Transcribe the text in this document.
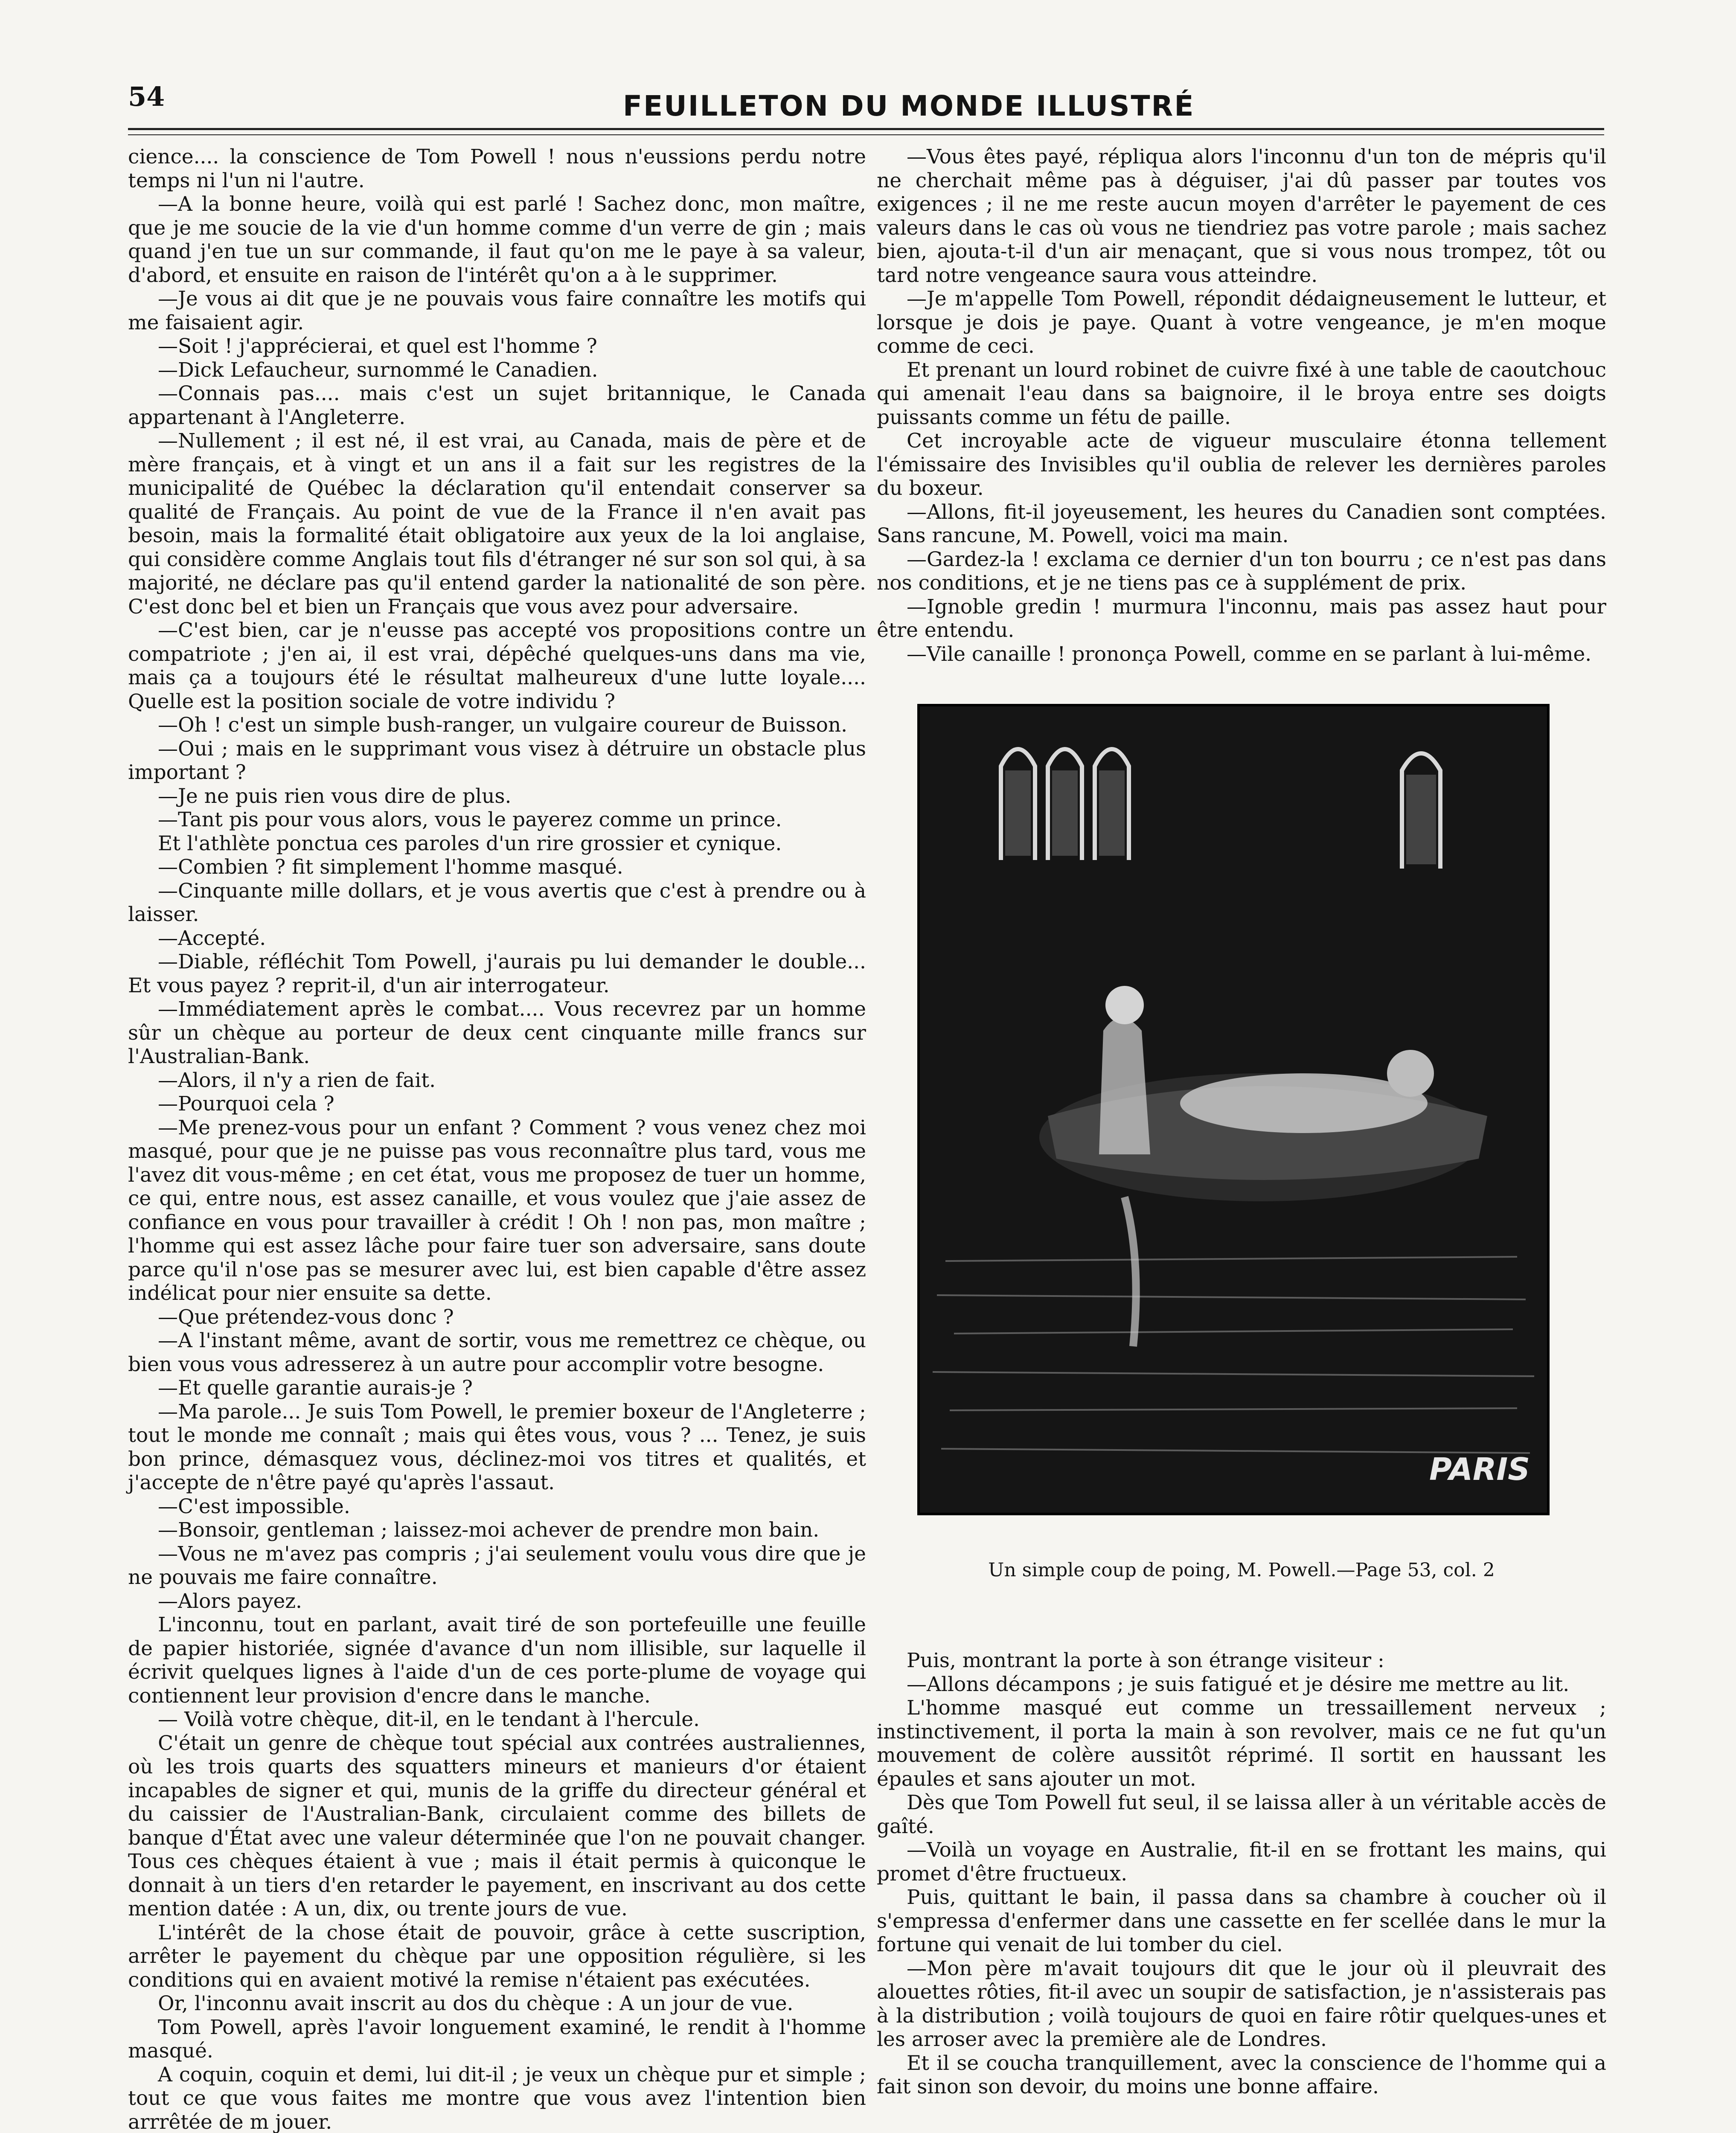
54	FEUILLETON DU MONDE ILLUSTRÉ

cience.... la conscience de Tom Powell ! nous n'eussions perdu notre temps ni l'un ni l'autre.

—A la bonne heure, voilà qui est parlé ! Sachez donc, mon maître, que je me soucie de la vie d'un homme comme d'un verre de gin ; mais quand j'en tue un sur commande, il faut qu'on me le paye à sa valeur, d'abord, et ensuite en raison de l'intérêt qu'on a à le supprimer.

—Je vous ai dit que je ne pouvais vous faire connaître les motifs qui me faisaient agir.

—Soit ! j'apprécierai, et quel est l'homme ?

—Dick Lefaucheur, surnommé le Canadien.

—Connais pas.... mais c'est un sujet britannique, le Canada appartenant à l'Angleterre.

—Nullement ; il est né, il est vrai, au Canada, mais de père et de mère français, et à vingt et un ans il a fait sur les registres de la municipalité de Québec la déclaration qu'il entendait conserver sa qualité de Français. Au point de vue de la France il n'en avait pas besoin, mais la formalité était obligatoire aux yeux de la loi anglaise, qui considère comme Anglais tout fils d'étranger né sur son sol qui, à sa majorité, ne déclare pas qu'il entend garder la nationalité de son père. C'est donc bel et bien un Français que vous avez pour adversaire.

—C'est bien, car je n'eusse pas accepté vos propositions contre un compatriote ; j'en ai, il est vrai, dépêché quelques-uns dans ma vie, mais ça a toujours été le résultat malheureux d'une lutte loyale.... Quelle est la position sociale de votre individu ?

—Oh ! c'est un simple bush-ranger, un vulgaire coureur de Buisson.

—Oui ; mais en le supprimant vous visez à détruire un obstacle plus important ?

—Je ne puis rien vous dire de plus.

—Tant pis pour vous alors, vous le payerez comme un prince.

Et l'athlète ponctua ces paroles d'un rire grossier et cynique.

—Combien ? fit simplement l'homme masqué.

—Cinquante mille dollars, et je vous avertis que c'est à prendre ou à laisser.

—Accepté.

—Diable, réfléchit Tom Powell, j'aurais pu lui demander le double... Et vous payez ? reprit-il, d'un air interrogateur.

—Immédiatement après le combat.... Vous recevrez par un homme sûr un chèque au porteur de deux cent cinquante mille francs sur l'Australian-Bank.

—Alors, il n'y a rien de fait.

—Pourquoi cela ?

—Me prenez-vous pour un enfant ? Comment ? vous venez chez moi masqué, pour que je ne puisse pas vous reconnaître plus tard, vous me l'avez dit vous-même ; en cet état, vous me proposez de tuer un homme, ce qui, entre nous, est assez canaille, et vous voulez que j'aie assez de confiance en vous pour travailler à crédit ! Oh ! non pas, mon maître ; l'homme qui est assez lâche pour faire tuer son adversaire, sans doute parce qu'il n'ose pas se mesurer avec lui, est bien capable d'être assez indélicat pour nier ensuite sa dette.

—Que prétendez-vous donc ?

—A l'instant même, avant de sortir, vous me remettrez ce chèque, ou bien vous vous adresserez à un autre pour accomplir votre besogne.

—Et quelle garantie aurais-je ?

—Ma parole... Je suis Tom Powell, le premier boxeur de l'Angleterre ; tout le monde me connaît ; mais qui êtes vous, vous ? ... Tenez, je suis bon prince, démasquez vous, déclinez-moi vos titres et qualités, et j'accepte de n'être payé qu'après l'assaut.

—C'est impossible.

—Bonsoir, gentleman ; laissez-moi achever de prendre mon bain.

—Vous ne m'avez pas compris ; j'ai seulement voulu vous dire que je ne pouvais me faire connaître.

—Alors payez.

L'inconnu, tout en parlant, avait tiré de son portefeuille une feuille de papier historiée, signée d'avance d'un nom illisible, sur laquelle il écrivit quelques lignes à l'aide d'un de ces porte-plume de voyage qui contiennent leur provision d'encre dans le manche.

— Voilà votre chèque, dit-il, en le tendant à l'hercule.

C'était un genre de chèque tout spécial aux contrées australiennes, où les trois quarts des squatters mineurs et manieurs d'or étaient incapables de signer et qui, munis de la griffe du directeur général et du caissier de l'Australian-Bank, circulaient comme des billets de banque d'État avec une valeur déterminée que l'on ne pouvait changer. Tous ces chèques étaient à vue ; mais il était permis à quiconque le donnait à un tiers d'en retarder le payement, en inscrivant au dos cette mention datée : A un, dix, ou trente jours de vue.

L'intérêt de la chose était de pouvoir, grâce à cette suscription, arrêter le payement du chèque par une opposition régulière, si les conditions qui en avaient motivé la remise n'étaient pas exécutées.

Or, l'inconnu avait inscrit au dos du chèque : A un jour de vue.

Tom Powell, après l'avoir longuement examiné, le rendit à l'homme masqué.

A coquin, coquin et demi, lui dit-il ; je veux un chèque pur et simple ; tout ce que vous faites me montre que vous avez l'intention bien arrrêtée de m jouer.

—Vous êtes payé, répliqua alors l'inconnu d'un ton de mépris qu'il ne cherchait même pas à déguiser, j'ai dû passer par toutes vos exigences ; il ne me reste aucun moyen d'arrêter le payement de ces valeurs dans le cas où vous ne tiendriez pas votre parole ; mais sachez bien, ajouta-t-il d'un air menaçant, que si vous nous trompez, tôt ou tard notre vengeance saura vous atteindre.

—Je m'appelle Tom Powell, répondit dédaigneusement le lutteur, et lorsque je dois je paye. Quant à votre vengeance, je m'en moque comme de ceci.

Et prenant un lourd robinet de cuivre fixé à une table de caoutchouc qui amenait l'eau dans sa baignoire, il le broya entre ses doigts puissants comme un fétu de paille.

Cet incroyable acte de vigueur musculaire étonna tellement l'émissaire des Invisibles qu'il oublia de relever les dernières paroles du boxeur.

—Allons, fit-il joyeusement, les heures du Canadien sont comptées. Sans rancune, M. Powell, voici ma main.

—Gardez-la ! exclama ce dernier d'un ton bourru ; ce n'est pas dans nos conditions, et je ne tiens pas ce à supplément de prix.

—Ignoble gredin ! murmura l'inconnu, mais pas assez haut pour être entendu.

—Vile canaille ! prononça Powell, comme en se parlant à lui-même.

PARIS
Un simple coup de poing, M. Powell.—Page 53, col. 2

Puis, montrant la porte à son étrange visiteur :

—Allons décampons ; je suis fatigué et je désire me mettre au lit.

L'homme masqué eut comme un tressaillement nerveux ; instinctivement, il porta la main à son revolver, mais ce ne fut qu'un mouvement de colère aussitôt réprimé. Il sortit en haussant les épaules et sans ajouter un mot.

Dès que Tom Powell fut seul, il se laissa aller à un véritable accès de gaîté.

—Voilà un voyage en Australie, fit-il en se frottant les mains, qui promet d'être fructueux.

Puis, quittant le bain, il passa dans sa chambre à coucher où il s'empressa d'enfermer dans une cassette en fer scellée dans le mur la fortune qui venait de lui tomber du ciel.

—Mon père m'avait toujours dit que le jour où il pleuvrait des alouettes rôties, fit-il avec un soupir de satisfaction, je n'assisterais pas à la distribution ; voilà toujours de quoi en faire rôtir quelques-unes et les arroser avec la première ale de Londres.

Et il se coucha tranquillement, avec la conscience de l'homme qui a fait sinon son devoir, du moins une bonne affaire.
